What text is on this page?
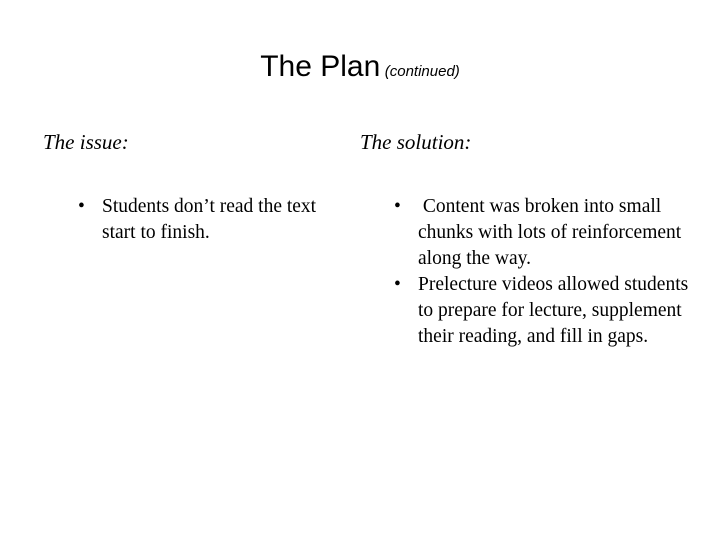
The Plan (continued)
The issue:	The solution:
• Students don’t read the text start to finish.
• Content was broken into small chunks with lots of reinforcement along the way.
• Prelecture videos allowed students to prepare for lecture, supplement their reading, and fill in gaps.
